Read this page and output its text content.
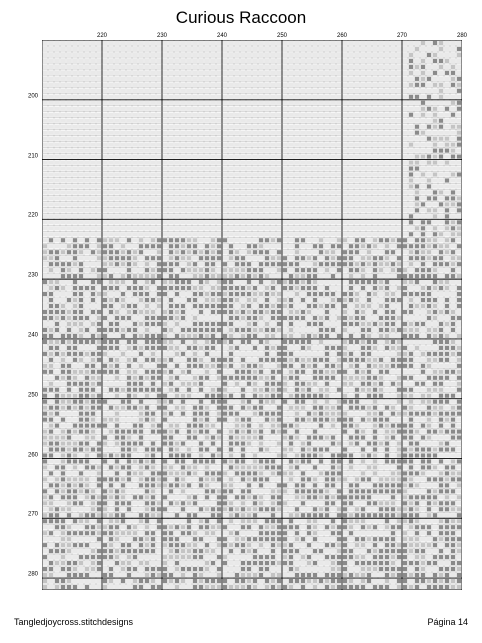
Curious Raccoon
220	230	240	250	260	270	280
200
210
220
230
240
250
260
270
280
Tangledjoycross.stitchdesigns	Página 14
